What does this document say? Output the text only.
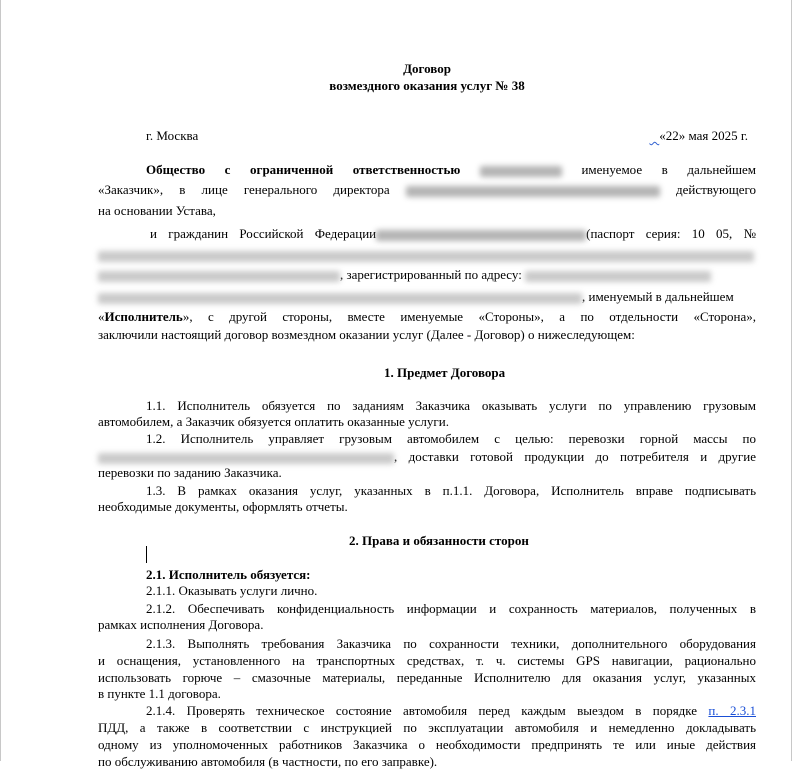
Договор
возмездного оказания услуг № 38
г. Москва	«22» мая 2025 г.
Общество с ограниченной ответственностью	именуемое в дальнейшем
«Заказчик», в лице генерального директора	действующего
на основании Устава,
и гражданин Российской Федерации	(паспорт серия: 10 05, №
, зарегистрированный по адресу:
, именуемый в дальнейшем
«Исполнитель», с другой стороны, вместе именуемые «Стороны», а по отдельности «Сторона»,
заключили настоящий договор возмездном оказании услуг (Далее - Договор) о нижеследующем:
1. Предмет Договора
1.1. Исполнитель обязуется по заданиям Заказчика оказывать услуги по управлению грузовым
автомобилем, а Заказчик обязуется оплатить оказанные услуги.
1.2. Исполнитель управляет грузовым автомобилем с целью: перевозки горной массы по
, доставки готовой продукции до потребителя и другие
перевозки по заданию Заказчика.
1.3. В рамках оказания услуг, указанных в п.1.1. Договора, Исполнитель вправе подписывать
необходимые документы, оформлять отчеты.
2. Права и обязанности сторон
2.1. Исполнитель обязуется:
2.1.1. Оказывать услуги лично.
2.1.2. Обеспечивать конфиденциальность информации и сохранность материалов, полученных в
рамках исполнения Договора.
2.1.3. Выполнять требования Заказчика по сохранности техники, дополнительного оборудования
и оснащения, установленного на транспортных средствах, т. ч. системы GPS навигации, рационально
использовать горюче – смазочные материалы, переданные Исполнителю для оказания услуг, указанных
в пункте 1.1 договора.
2.1.4. Проверять техническое состояние автомобиля перед каждым выездом в порядке п. 2.3.1
ПДД, а также в соответствии с инструкцией по эксплуатации автомобиля и немедленно докладывать
одному из уполномоченных работников Заказчика о необходимости предпринять те или иные действия
по обслуживанию автомобиля (в частности, по его заправке).
